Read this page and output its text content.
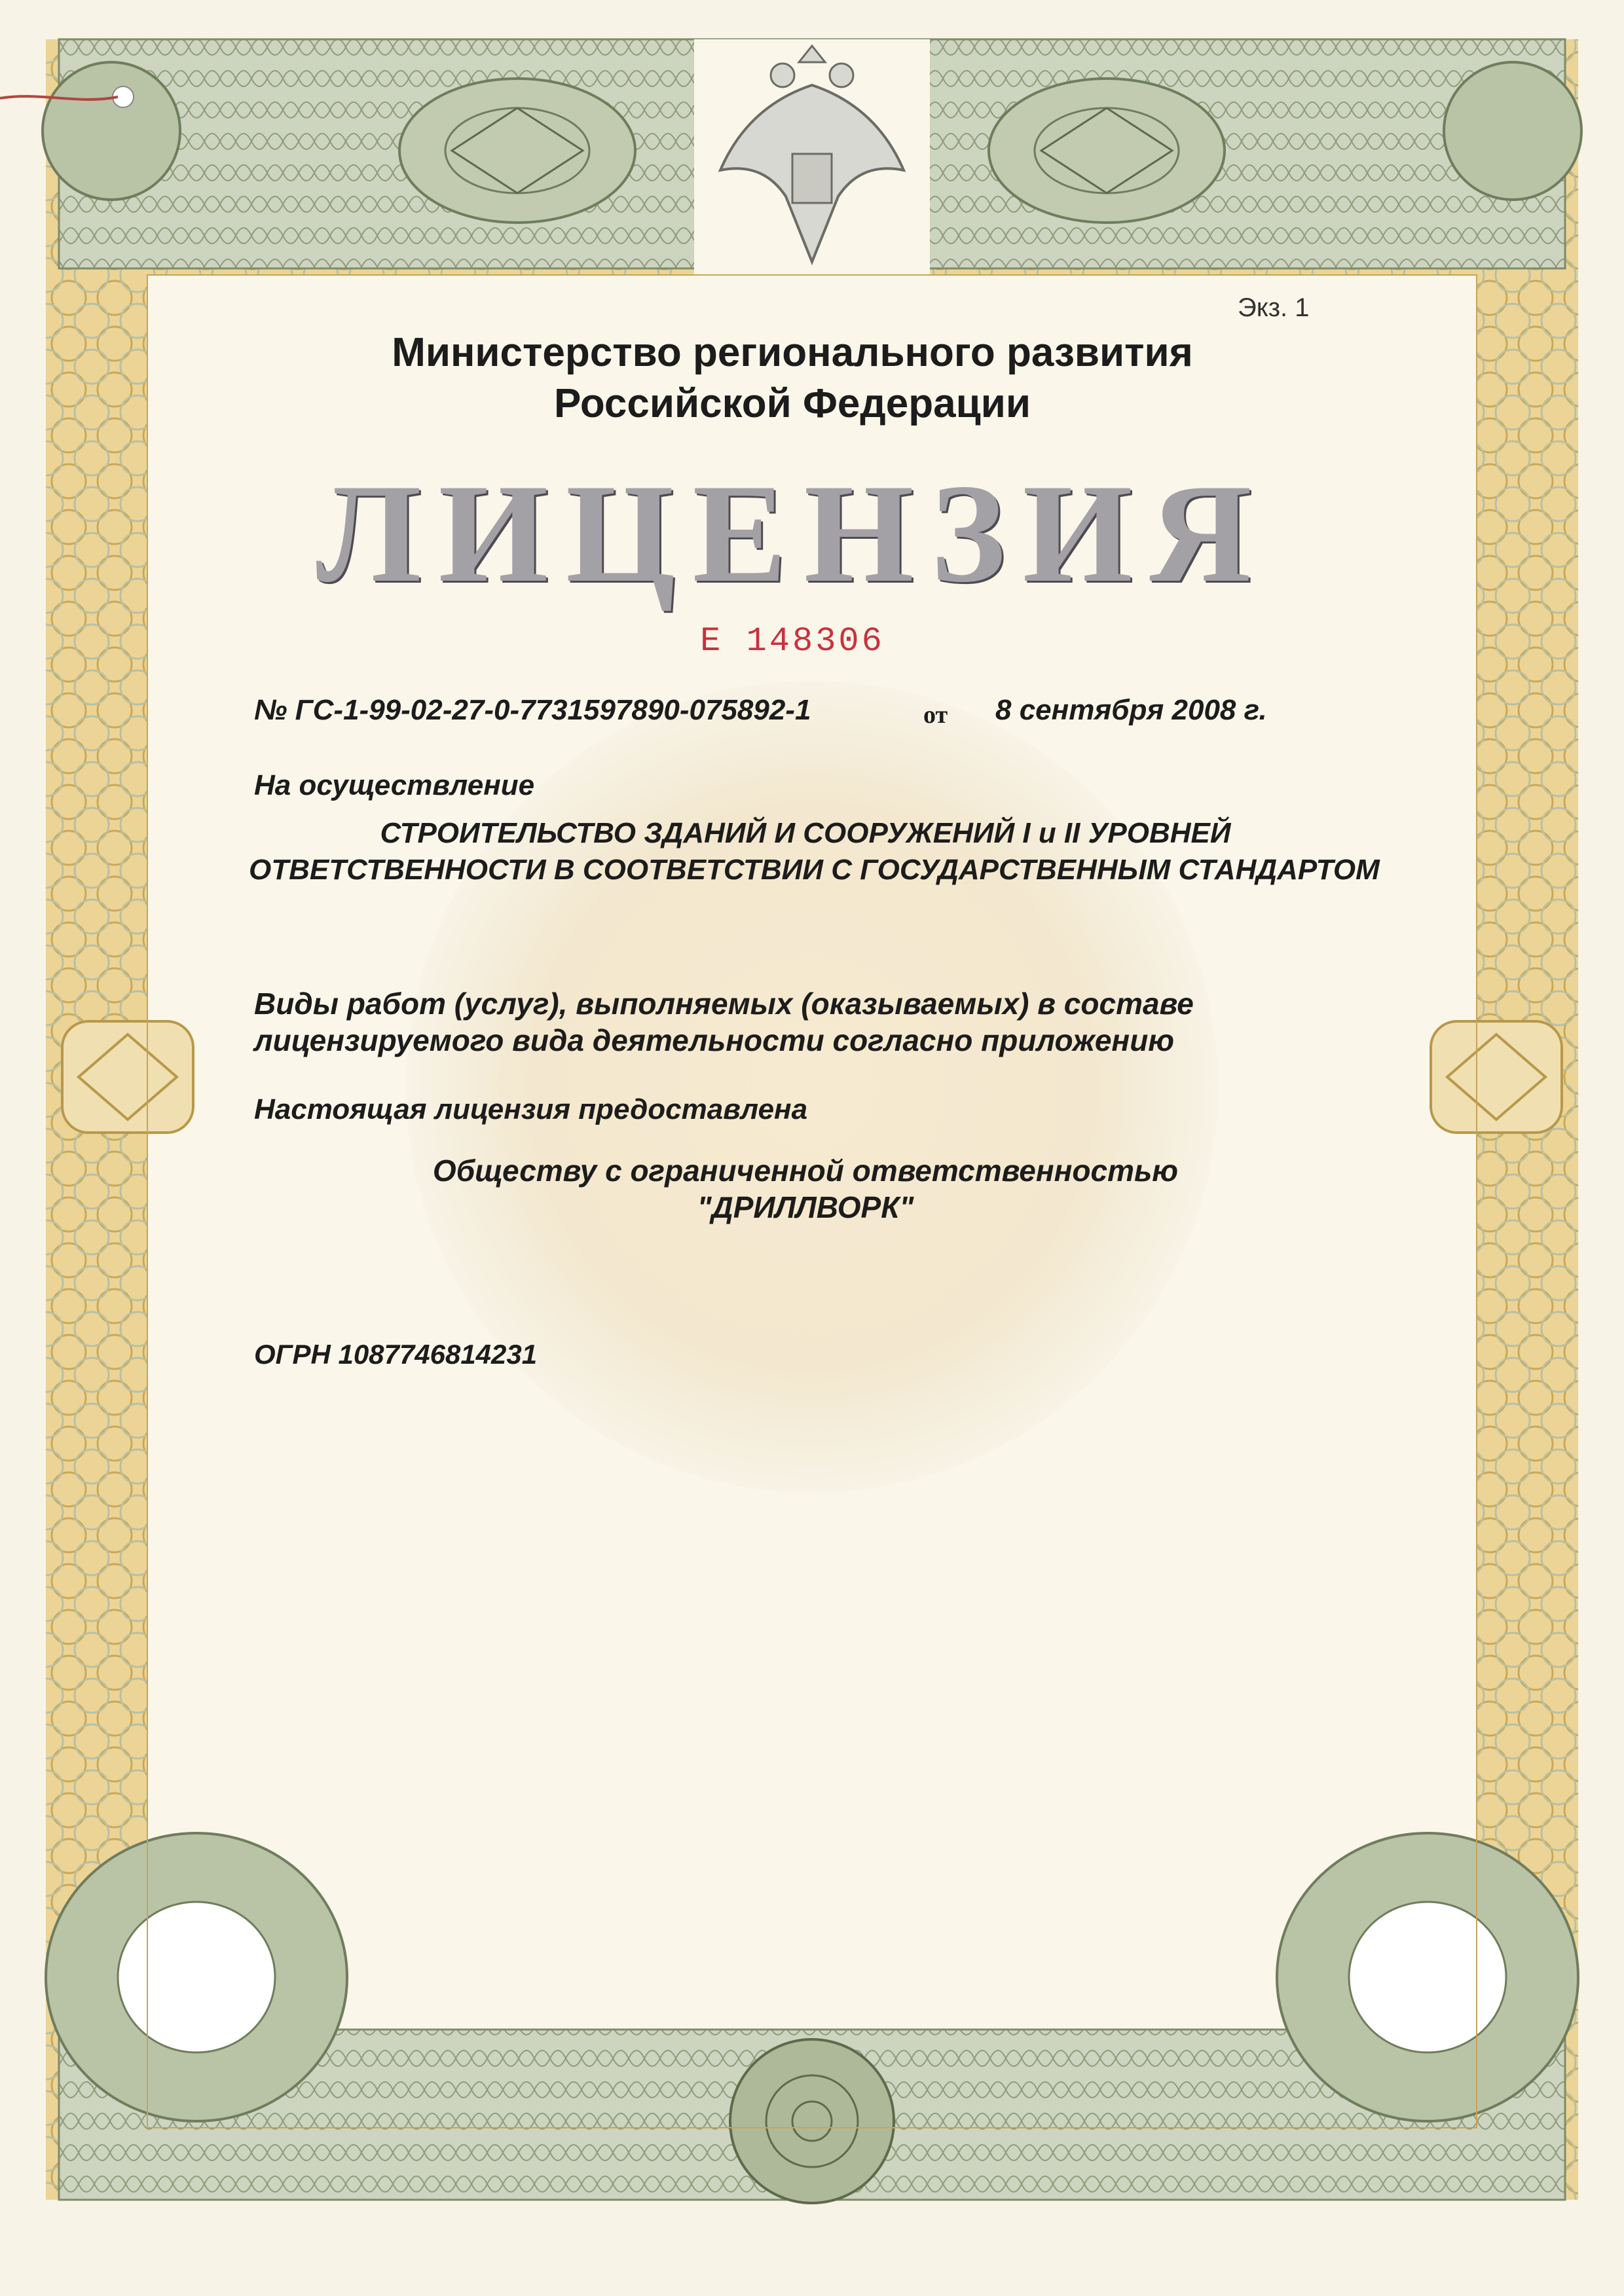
Экз. 1
Министерство регионального развития
Российской Федерации
ЛИЦЕНЗИЯ
Е 148306
№ ГС-1-99-02-27-0-7731597890-075892-1	от 8 сентября 2008 г.
На осуществление
СТРОИТЕЛЬСТВО ЗДАНИЙ И СООРУЖЕНИЙ I и II УРОВНЕЙ
ОТВЕТСТВЕННОСТИ В СООТВЕТСТВИИ С ГОСУДАРСТВЕННЫМ СТАНДАРТОМ
Виды работ (услуг), выполняемых (оказываемых) в составе
лицензируемого вида деятельности согласно приложению
Настоящая лицензия предоставлена
Обществу с ограниченной ответственностью
"ДРИЛЛВОРК"
ОГРН 1087746814231
